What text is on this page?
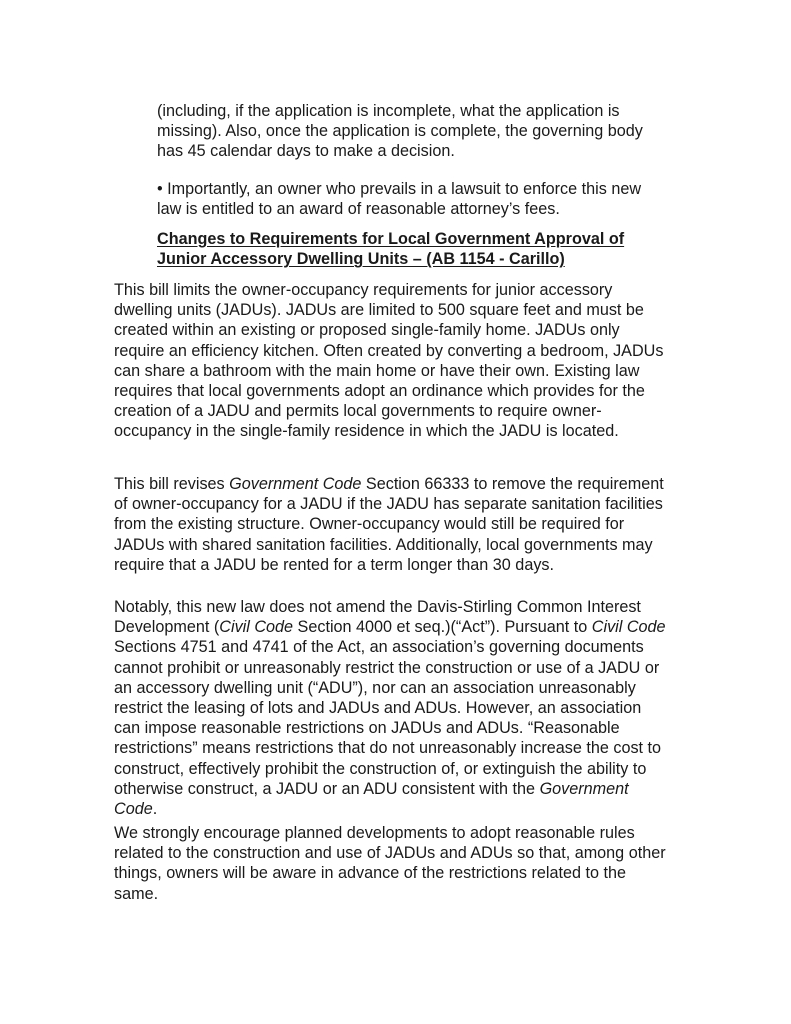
(including, if the application is incomplete, what the application is missing). Also, once the application is complete, the governing body has 45 calendar days to make a decision.

• Importantly, an owner who prevails in a lawsuit to enforce this new law is entitled to an award of reasonable attorney’s fees.

Changes to Requirements for Local Government Approval of Junior Accessory Dwelling Units – (AB 1154 - Carillo)

This bill limits the owner-occupancy requirements for junior accessory dwelling units (JADUs). JADUs are limited to 500 square feet and must be created within an existing or proposed single-family home. JADUs only require an efficiency kitchen. Often created by converting a bedroom, JADUs can share a bathroom with the main home or have their own. Existing law requires that local governments adopt an ordinance which provides for the creation of a JADU and permits local governments to require owner-occupancy in the single-family residence in which the JADU is located.

This bill revises Government Code Section 66333 to remove the requirement of owner-occupancy for a JADU if the JADU has separate sanitation facilities from the existing structure. Owner-occupancy would still be required for JADUs with shared sanitation facilities. Additionally, local governments may require that a JADU be rented for a term longer than 30 days.

Notably, this new law does not amend the Davis-Stirling Common Interest Development (Civil Code Section 4000 et seq.)(“Act”). Pursuant to Civil Code Sections 4751 and 4741 of the Act, an association’s governing documents cannot prohibit or unreasonably restrict the construction or use of a JADU or an accessory dwelling unit (“ADU”), nor can an association unreasonably restrict the leasing of lots and JADUs and ADUs. However, an association can impose reasonable restrictions on JADUs and ADUs. “Reasonable restrictions” means restrictions that do not unreasonably increase the cost to construct, effectively prohibit the construction of, or extinguish the ability to otherwise construct, a JADU or an ADU consistent with the Government Code.

We strongly encourage planned developments to adopt reasonable rules related to the construction and use of JADUs and ADUs so that, among other things, owners will be aware in advance of the restrictions related to the same.
